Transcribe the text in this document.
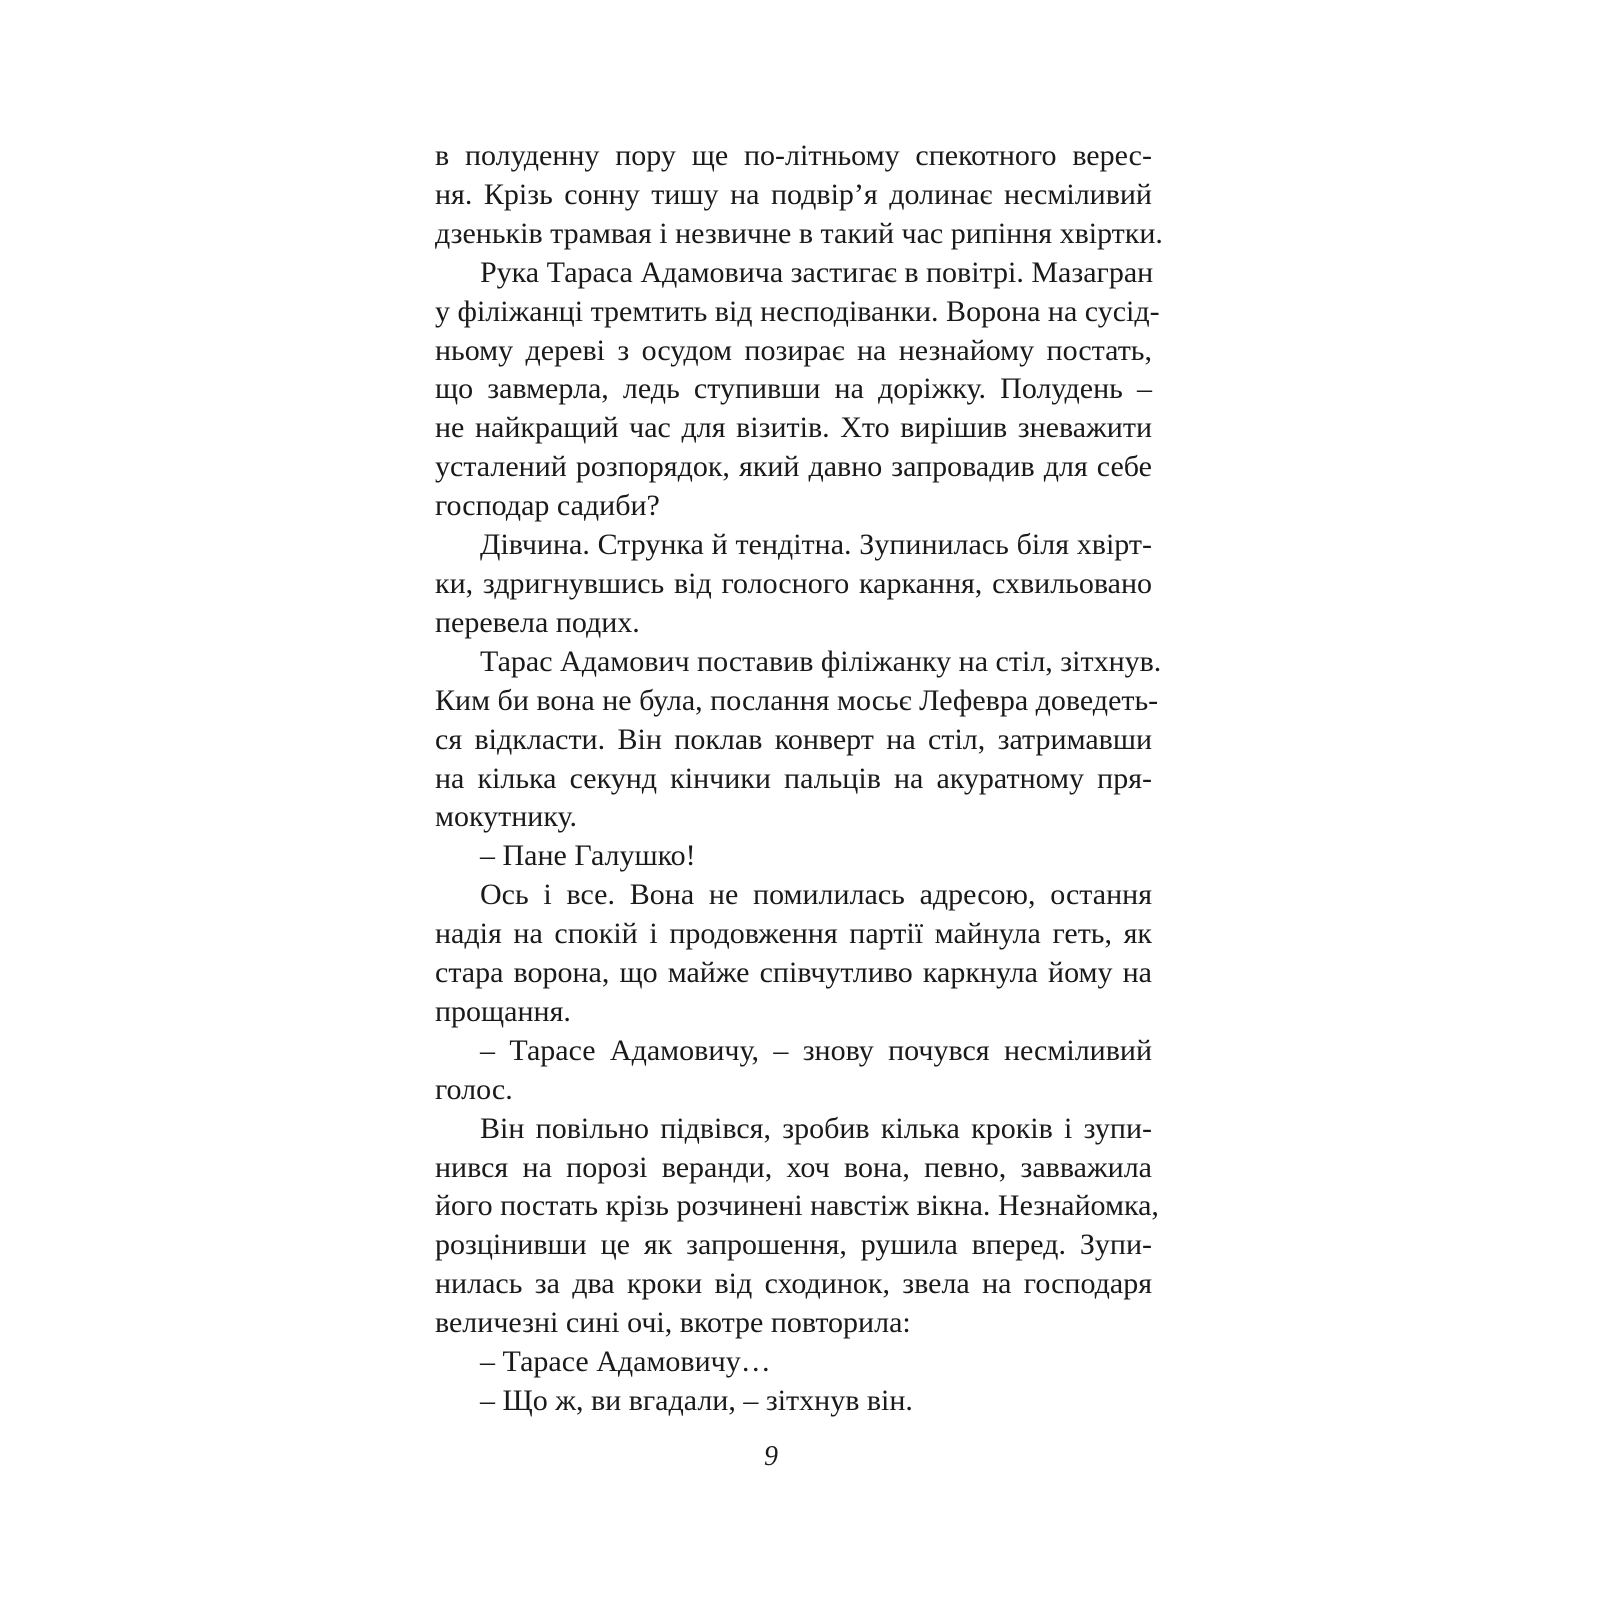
в полуденну пору ще по-літньому спекотного верес-
ня. Крізь сонну тишу на подвір’я долинає несміливий
дзеньків трамвая і незвичне в такий час рипіння хвіртки.
Рука Тараса Адамовича застигає в повітрі. Мазагран
у філіжанці тремтить від несподіванки. Ворона на сусід-
ньому дереві з осудом позирає на незнайому постать,
що завмерла, ледь ступивши на доріжку. Полудень –
не найкращий час для візитів. Хто вирішив зневажити
усталений розпорядок, який давно запровадив для себе
господар садиби?
Дівчина. Струнка й тендітна. Зупинилась біля хвірт-
ки, здригнувшись від голосного каркання, схвильовано
перевела подих.
Тарас Адамович поставив філіжанку на стіл, зітхнув.
Ким би вона не була, послання мосьє Лефевра доведеть-
ся відкласти. Він поклав конверт на стіл, затримавши
на кілька секунд кінчики пальців на акуратному пря-
мокутнику.
– Пане Галушко!
Ось і все. Вона не помилилась адресою, остання
надія на спокій і продовження партії майнула геть, як
стара ворона, що майже співчутливо каркнула йому на
прощання.
– Тарасе Адамовичу, – знову почувся несміливий
голос.
Він повільно підвівся, зробив кілька кроків і зупи-
нився на порозі веранди, хоч вона, певно, завважила
його постать крізь розчинені навстіж вікна. Незнайомка,
розцінивши це як запрошення, рушила вперед. Зупи-
нилась за два кроки від сходинок, звела на господаря
величезні сині очі, вкотре повторила:
– Тарасе Адамовичу…
– Що ж, ви вгадали, – зітхнув він.
9
